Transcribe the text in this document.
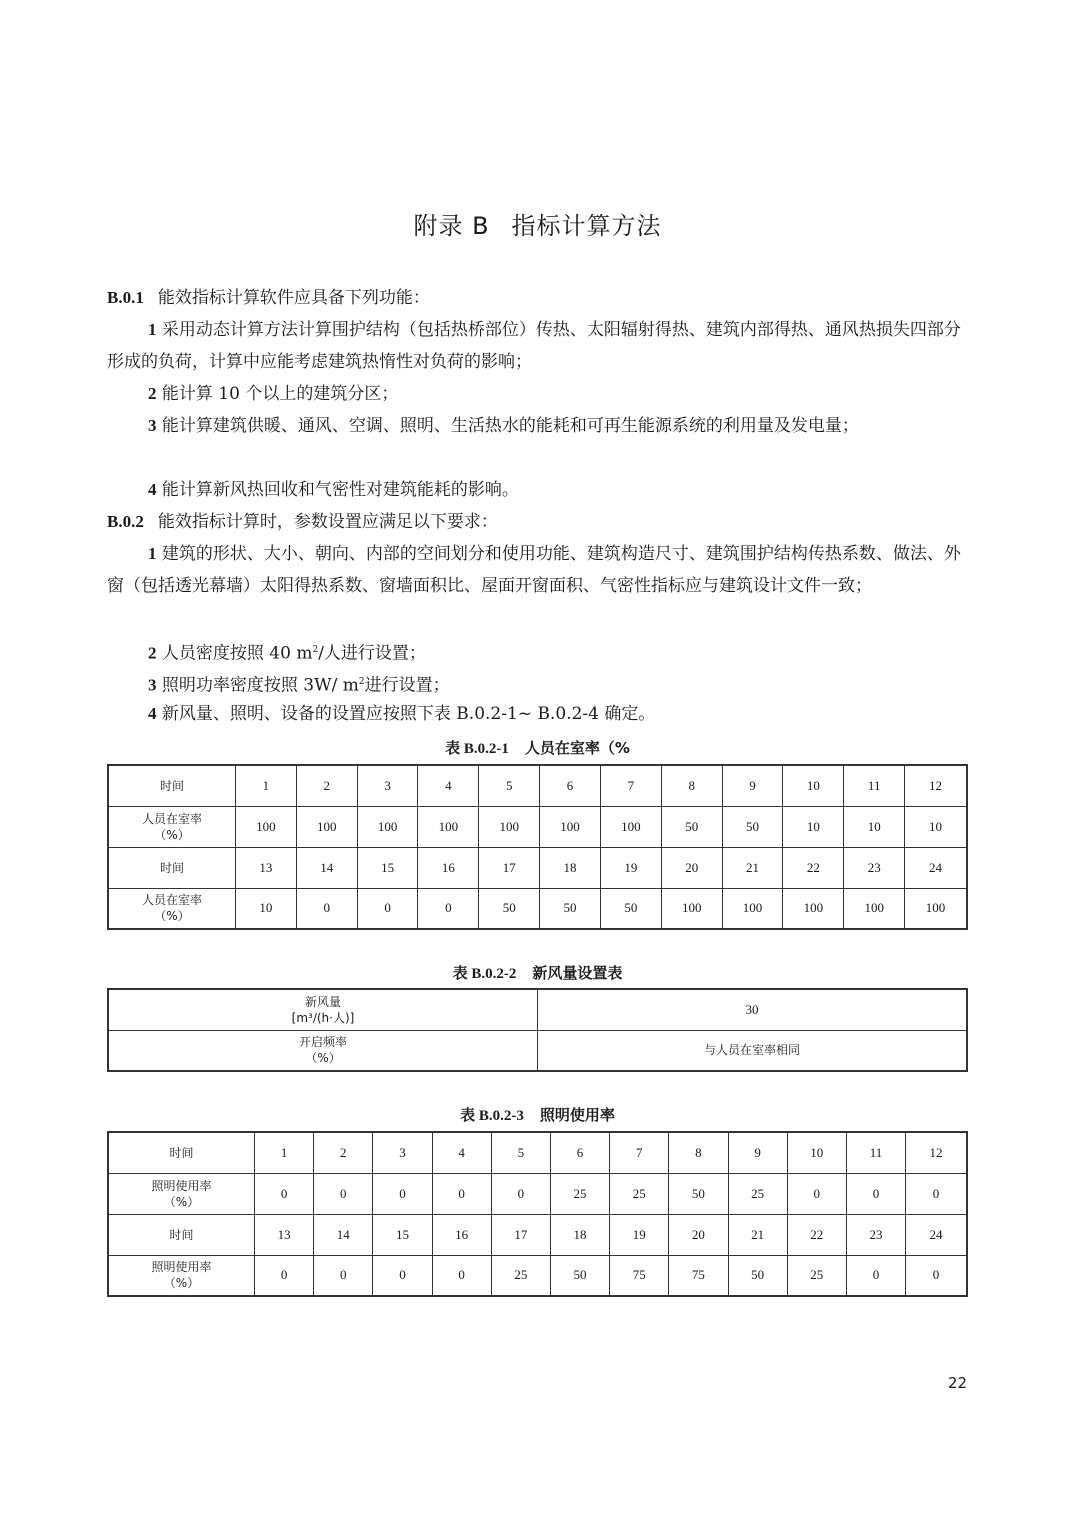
附录 B 指标计算方法
B.0.1 能效指标计算软件应具备下列功能：
1 采用动态计算方法计算围护结构（包括热桥部位）传热、太阳辐射得热、建筑内部得热、通风热损失四部分形成的负荷，计算中应能考虑建筑热惰性对负荷的影响；
2 能计算 10 个以上的建筑分区；
3 能计算建筑供暖、通风、空调、照明、生活热水的能耗和可再生能源系统的利用量及发电量；
4 能计算新风热回收和气密性对建筑能耗的影响。
B.0.2 能效指标计算时，参数设置应满足以下要求：
1 建筑的形状、大小、朝向、内部的空间划分和使用功能、建筑构造尺寸、建筑围护结构传热系数、做法、外窗（包括透光幕墙）太阳得热系数、窗墙面积比、屋面开窗面积、气密性指标应与建筑设计文件一致；
2 人员密度按照 40 $m^2/$人进行设置；
3 照明功率密度按照 3W/ $m^2$进行设置；
4 新风量、照明、设备的设置应按照下表 B.0.2-1~ B.0.2-4 确定。
表 B.0.2-1 人员在室率（%
时间	1	2	3	4	5	6	7	8	9	10	11	12
人员在室率
（%）	100	100	100	100	100	100	100	50	50	10	10	10
时间	13	14	15	16	17	18	19	20	21	22	23	24
人员在室率
（%）	10	0	0	0	50	50	50	100	100	100	100	100
表 B.0.2-2 新风量设置表
新风量
[m³/(h·人)]	30
开启频率
（%）	与人员在室率相同
表 B.0.2-3 照明使用率
时间	1	2	3	4	5	6	7	8	9	10	11	12
照明使用率
（%）	0	0	0	0	0	25	25	50	25	0	0	0
时间	13	14	15	16	17	18	19	20	21	22	23	24
照明使用率
（%）	0	0	0	0	25	50	75	75	50	25	0	0
22
